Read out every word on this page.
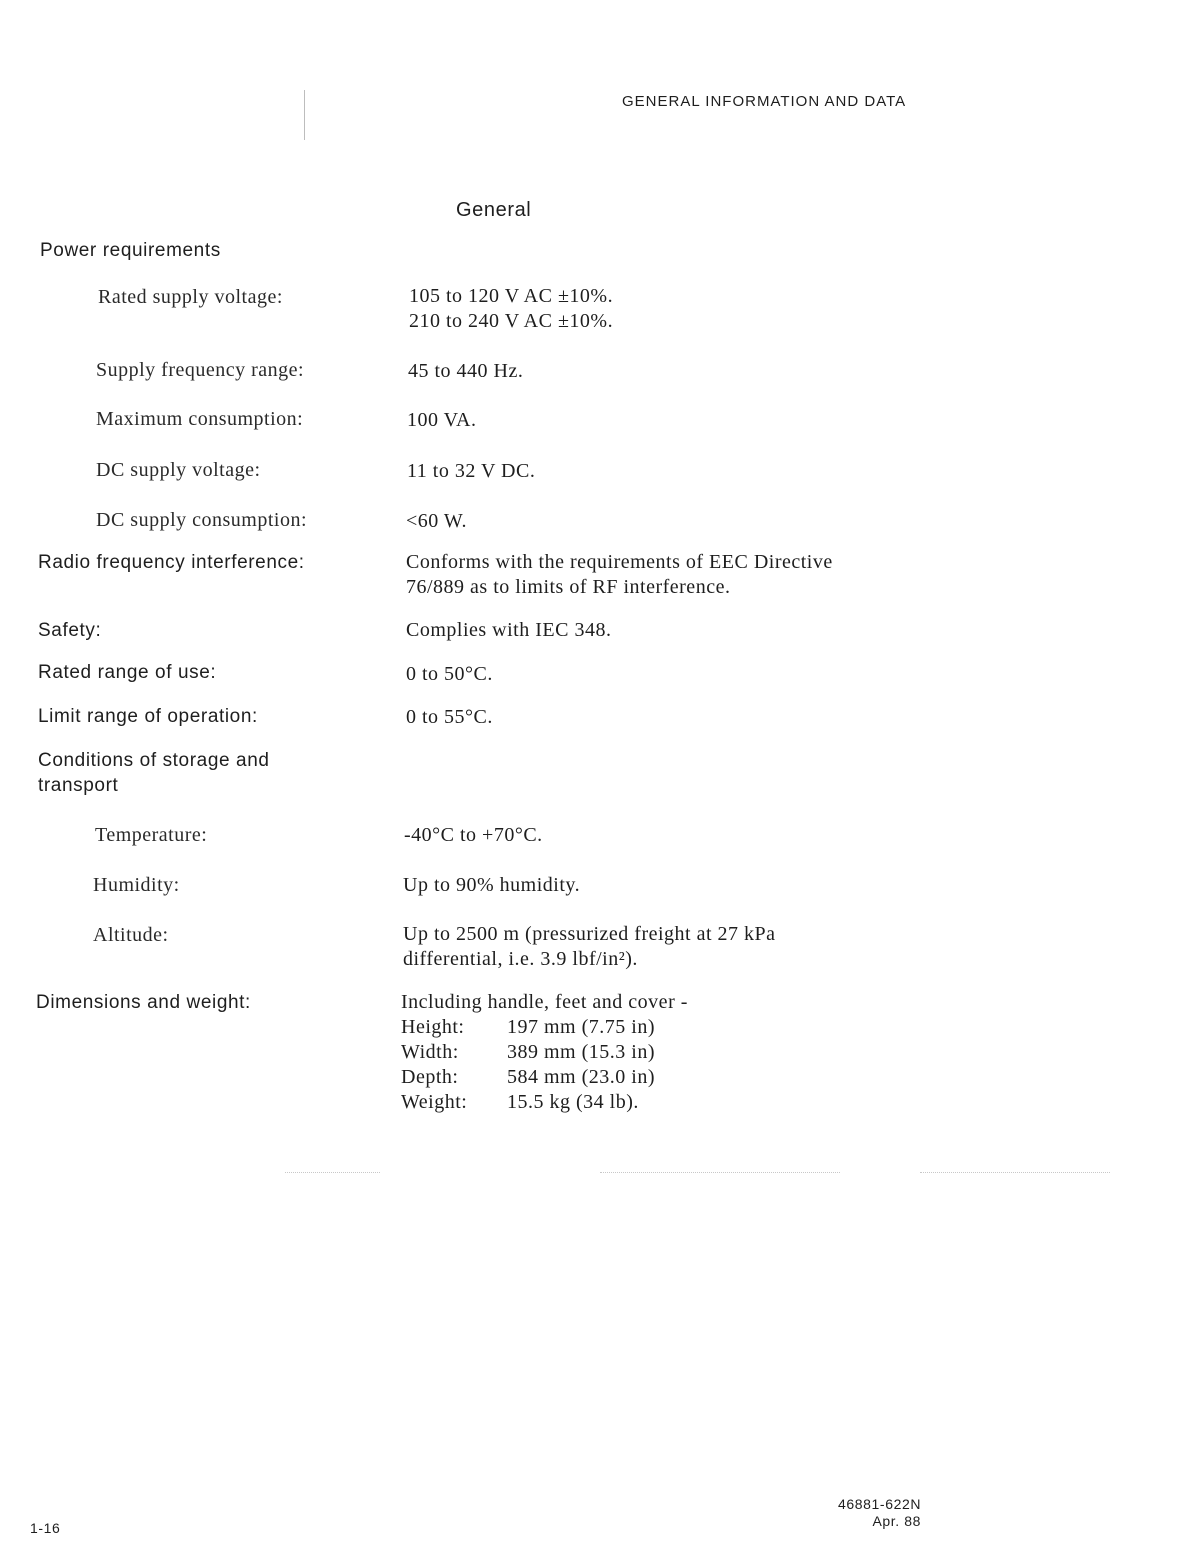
GENERAL INFORMATION AND DATA
General
Power requirements
Rated supply voltage:	105 to 120 V AC ±10%.
210 to 240 V AC ±10%.
Supply frequency range:	45 to 440 Hz.
Maximum consumption:	100 VA.
DC supply voltage:	11 to 32 V DC.
DC supply consumption:	<60 W.
Radio frequency interference:	Conforms with the requirements of EEC Directive
76/889 as to limits of RF interference.
Safety:	Complies with IEC 348.
Rated range of use:	0 to 50°C.
Limit range of operation:	0 to 55°C.
Conditions of storage and
transport
Temperature:	-40°C to +70°C.
Humidity:	Up to 90% humidity.
Altitude:	Up to 2500 m (pressurized freight at 27 kPa
differential, i.e. 3.9 lbf/in²).
Dimensions and weight:	Including handle, feet and cover -
Height:	197 mm (7.75 in)
Width:	389 mm (15.3 in)
Depth:	584 mm (23.0 in)
Weight:	15.5 kg (34 lb).
1-16
46881-622N
Apr. 88
